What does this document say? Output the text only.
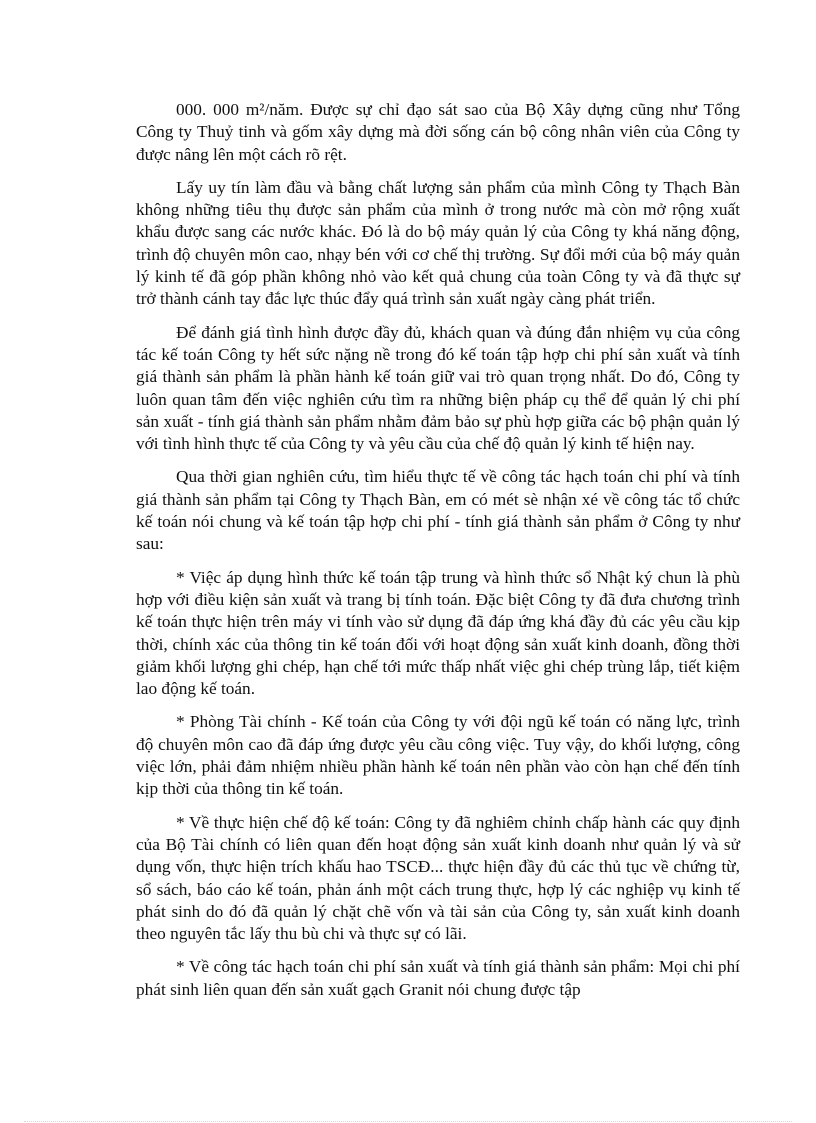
000. 000 m²/năm. Được sự chỉ đạo sát sao của Bộ Xây dựng cũng như Tổng Công ty Thuỷ tinh và gốm xây dựng mà đời sống cán bộ công nhân viên của Công ty được nâng lên một cách rõ rệt.

Lấy uy tín làm đầu và bằng chất lượng sản phẩm của mình Công ty Thạch Bàn không những tiêu thụ được sản phẩm của mình ở trong nước mà còn mở rộng xuất khẩu được sang các nước khác. Đó là do bộ máy quản lý của Công ty khá năng động, trình độ chuyên môn cao, nhạy bén với cơ chế thị trường. Sự đổi mới của bộ máy quản lý kinh tế đã góp phần không nhỏ vào kết quả chung của toàn Công ty và đã thực sự trở thành cánh tay đắc lực thúc đẩy quá trình sản xuất ngày càng phát triển.

Để đánh giá tình hình được đầy đủ, khách quan và đúng đắn nhiệm vụ của công tác kế toán Công ty hết sức nặng nề trong đó kế toán tập hợp chi phí sản xuất và tính giá thành sản phẩm là phần hành kế toán giữ vai trò quan trọng nhất. Do đó, Công ty luôn quan tâm đến việc nghiên cứu tìm ra những biện pháp cụ thể để quản lý chi phí sản xuất - tính giá thành sản phẩm nhằm đảm bảo sự phù hợp giữa các bộ phận quản lý với tình hình thực tế của Công ty và yêu cầu của chế độ quản lý kinh tế hiện nay.

Qua thời gian nghiên cứu, tìm hiểu thực tế về công tác hạch toán chi phí và tính giá thành sản phẩm tại Công ty Thạch Bàn, em có mét sè nhận xé về công tác tổ chức kế toán nói chung và kế toán tập hợp chi phí - tính giá thành sản phẩm ở Công ty như sau:

* Việc áp dụng hình thức kế toán tập trung và hình thức sổ Nhật ký chun là phù hợp với điều kiện sản xuất và trang bị tính toán. Đặc biệt Công ty đã đưa chương trình kế toán thực hiện trên máy vi tính vào sử dụng đã đáp ứng khá đầy đủ các yêu cầu kịp thời, chính xác của thông tin kế toán đối với hoạt động sản xuất kinh doanh, đồng thời giảm khối lượng ghi chép, hạn chế tới mức thấp nhất việc ghi chép trùng lắp, tiết kiệm lao động kế toán.

* Phòng Tài chính - Kế toán của Công ty với đội ngũ kế toán có năng lực, trình độ chuyên môn cao đã đáp ứng được yêu cầu công việc. Tuy vậy, do khối lượng, công việc lớn, phải đảm nhiệm nhiều phần hành kế toán nên phần vào còn hạn chế đến tính kịp thời của thông tin kế toán.

* Về thực hiện chế độ kế toán: Công ty đã nghiêm chỉnh chấp hành các quy định của Bộ Tài chính có liên quan đến hoạt động sản xuất kinh doanh như quản lý và sử dụng vốn, thực hiện trích khấu hao TSCĐ... thực hiện đầy đủ các thủ tục về chứng từ, sổ sách, báo cáo kế toán, phản ánh một cách trung thực, hợp lý các nghiệp vụ kinh tế phát sinh do đó đã quản lý chặt chẽ vốn và tài sản của Công ty, sản xuất kinh doanh theo nguyên tắc lấy thu bù chi và thực sự có lãi.

* Về công tác hạch toán chi phí sản xuất và tính giá thành sản phẩm: Mọi chi phí phát sinh liên quan đến sản xuất gạch Granit nói chung được tập
